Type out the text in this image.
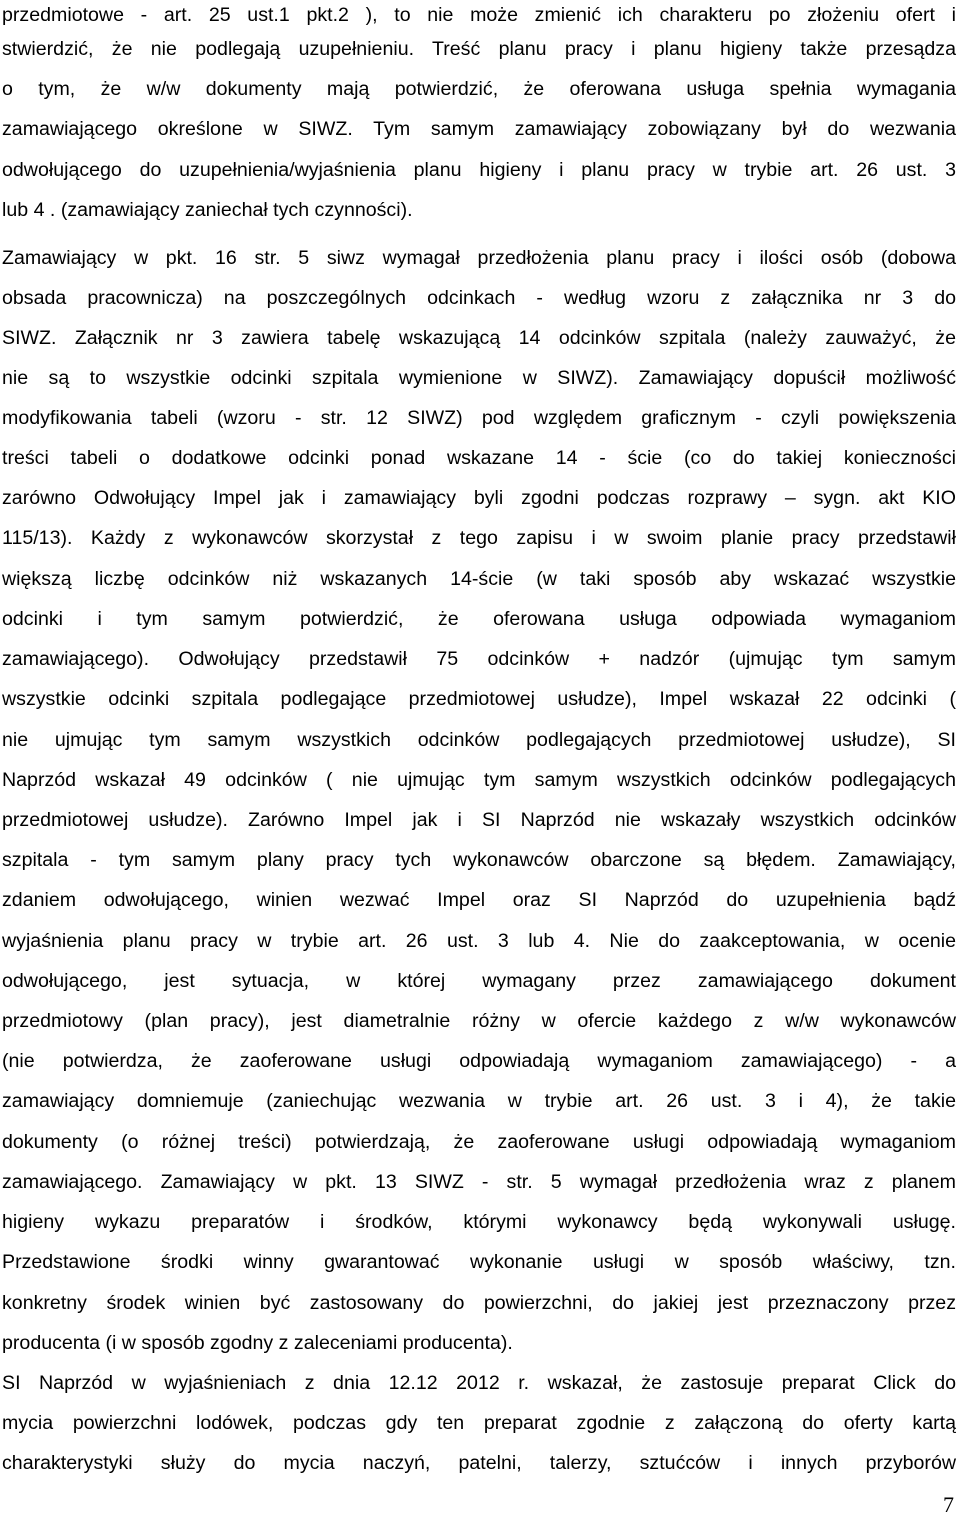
przedmiotowe - art. 25 ust.1 pkt.2 ), to nie może zmienić ich charakteru po złożeniu ofert i
stwierdzić, że nie podlegają uzupełnieniu. Treść planu pracy i planu higieny także przesądza
o tym, że w/w dokumenty mają potwierdzić, że oferowana usługa spełnia wymagania
zamawiającego określone w SIWZ. Tym samym zamawiający zobowiązany był do wezwania
odwołującego do uzupełnienia/wyjaśnienia planu higieny i planu pracy w trybie art. 26 ust. 3
lub 4 . (zamawiający zaniechał tych czynności).
Zamawiający w pkt. 16 str. 5 siwz wymagał przedłożenia planu pracy i ilości osób (dobowa
obsada pracownicza) na poszczególnych odcinkach - według wzoru z załącznika nr 3 do
SIWZ. Załącznik nr 3 zawiera tabelę wskazującą 14 odcinków szpitala (należy zauważyć, że
nie są to wszystkie odcinki szpitala wymienione w SIWZ). Zamawiający dopuścił możliwość
modyfikowania tabeli (wzoru - str. 12 SIWZ) pod względem graficznym - czyli powiększenia
treści tabeli o dodatkowe odcinki ponad wskazane 14 - ście (co do takiej konieczności
zarówno Odwołujący Impel jak i zamawiający byli zgodni podczas rozprawy – sygn. akt KIO
115/13). Każdy z wykonawców skorzystał z tego zapisu i w swoim planie pracy przedstawił
większą liczbę odcinków niż wskazanych 14-ście (w taki sposób aby wskazać wszystkie
odcinki i tym samym potwierdzić, że oferowana usługa odpowiada wymaganiom
zamawiającego). Odwołujący przedstawił 75 odcinków + nadzór (ujmując tym samym
wszystkie odcinki szpitala podlegające przedmiotowej usłudze), Impel wskazał 22 odcinki (
nie ujmując tym samym wszystkich odcinków podlegających przedmiotowej usłudze), SI
Naprzód wskazał 49 odcinków ( nie ujmując tym samym wszystkich odcinków podlegających
przedmiotowej usłudze). Zarówno Impel jak i SI Naprzód nie wskazały wszystkich odcinków
szpitala - tym samym plany pracy tych wykonawców obarczone są błędem. Zamawiający,
zdaniem odwołującego, winien wezwać Impel oraz SI Naprzód do uzupełnienia bądź
wyjaśnienia planu pracy w trybie art. 26 ust. 3 lub 4. Nie do zaakceptowania, w ocenie
odwołującego, jest sytuacja, w której wymagany przez zamawiającego dokument
przedmiotowy (plan pracy), jest diametralnie różny w ofercie każdego z w/w wykonawców
(nie potwierdza, że zaoferowane usługi odpowiadają wymaganiom zamawiającego) - a
zamawiający domniemuje (zaniechując wezwania w trybie art. 26 ust. 3 i 4), że takie
dokumenty (o różnej treści) potwierdzają, że zaoferowane usługi odpowiadają wymaganiom
zamawiającego. Zamawiający w pkt. 13 SIWZ - str. 5 wymagał przedłożenia wraz z planem
higieny wykazu preparatów i środków, którymi wykonawcy będą wykonywali usługę.
Przedstawione środki winny gwarantować wykonanie usługi w sposób właściwy, tzn.
konkretny środek winien być zastosowany do powierzchni, do jakiej jest przeznaczony przez
producenta (i w sposób zgodny z zaleceniami producenta).
SI Naprzód w wyjaśnieniach z dnia 12.12 2012 r. wskazał, że zastosuje preparat Click do
mycia powierzchni lodówek, podczas gdy ten preparat zgodnie z załączoną do oferty kartą
charakterystyki służy do mycia naczyń, patelni, talerzy, sztućców i innych przyborów
7
